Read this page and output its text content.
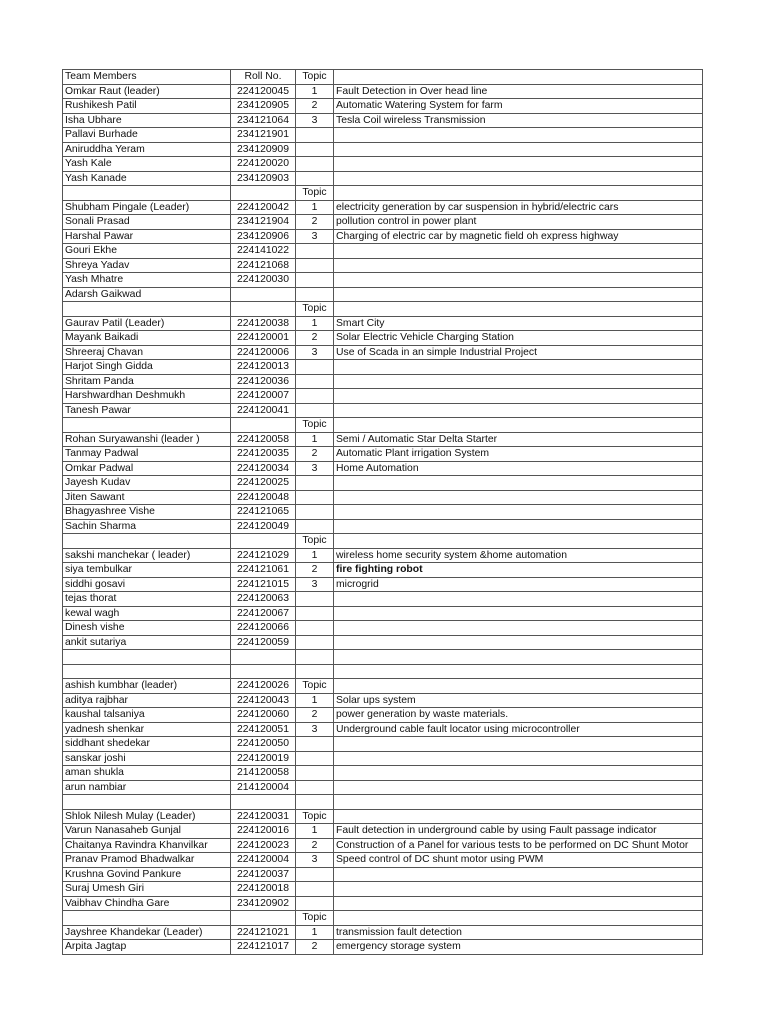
Team Members	Roll No.	Topic	
Omkar Raut (leader)	224120045	1	Fault Detection in Over head line
Rushikesh Patil	234120905	2	Automatic Watering System for farm
Isha Ubhare	234121064	3	Tesla Coil wireless Transmission
Pallavi Burhade	234121901		
Aniruddha Yeram	234120909		
Yash Kale	224120020		
Yash Kanade	234120903		
		Topic	
Shubham Pingale (Leader)	224120042	1	electricity generation by car suspension in hybrid/electric cars
Sonali Prasad	234121904	2	pollution control in power plant
Harshal Pawar	234120906	3	Charging of electric car by magnetic field oh express highway
Gouri Ekhe	224141022		
Shreya Yadav	224121068		
Yash Mhatre	224120030		
Adarsh Gaikwad			
		Topic	
Gaurav Patil (Leader)	224120038	1	Smart City
Mayank Baikadi	224120001	2	Solar Electric Vehicle Charging Station
Shreeraj Chavan	224120006	3	Use of Scada in an simple Industrial Project
Harjot Singh Gidda	224120013		
Shritam Panda	224120036		
Harshwardhan Deshmukh	224120007		
Tanesh Pawar	224120041		
		Topic	
Rohan Suryawanshi (leader )	224120058	1	Semi / Automatic Star Delta Starter
Tanmay Padwal	224120035	2	Automatic Plant irrigation System
Omkar Padwal	224120034	3	Home Automation
Jayesh Kudav	224120025		
Jiten Sawant	224120048		
Bhagyashree Vishe	224121065		
Sachin Sharma	224120049		
		Topic	
sakshi manchekar ( leader)	224121029	1	wireless home security system &home automation
siya tembulkar	224121061	2	fire fighting robot
siddhi gosavi	224121015	3	microgrid
tejas thorat	224120063		
kewal wagh	224120067		
Dinesh vishe	224120066		
ankit sutariya	224120059		

ashish kumbhar (leader)	224120026	Topic	
aditya rajbhar	224120043	1	Solar ups system
kaushal talsaniya	224120060	2	power generation by waste materials.
yadnesh shenkar	224120051	3	Underground cable fault locator using microcontroller
siddhant shedekar	224120050		
sanskar joshi	224120019		
aman shukla	214120058		
arun nambiar	214120004		

Shlok Nilesh Mulay (Leader)	224120031	Topic	
Varun Nanasaheb Gunjal	224120016	1	Fault detection in underground cable by using Fault passage indicator
Chaitanya Ravindra Khanvilkar	224120023	2	Construction of a Panel for various tests to be performed on DC Shunt Motor
Pranav Pramod Bhadwalkar	224120004	3	Speed control of DC shunt motor using PWM
Krushna Govind Pankure	224120037		
Suraj Umesh Giri	224120018		
Vaibhav Chindha Gare	234120902		
		Topic	
Jayshree Khandekar (Leader)	224121021	1	transmission fault detection
Arpita Jagtap	224121017	2	emergency storage system
